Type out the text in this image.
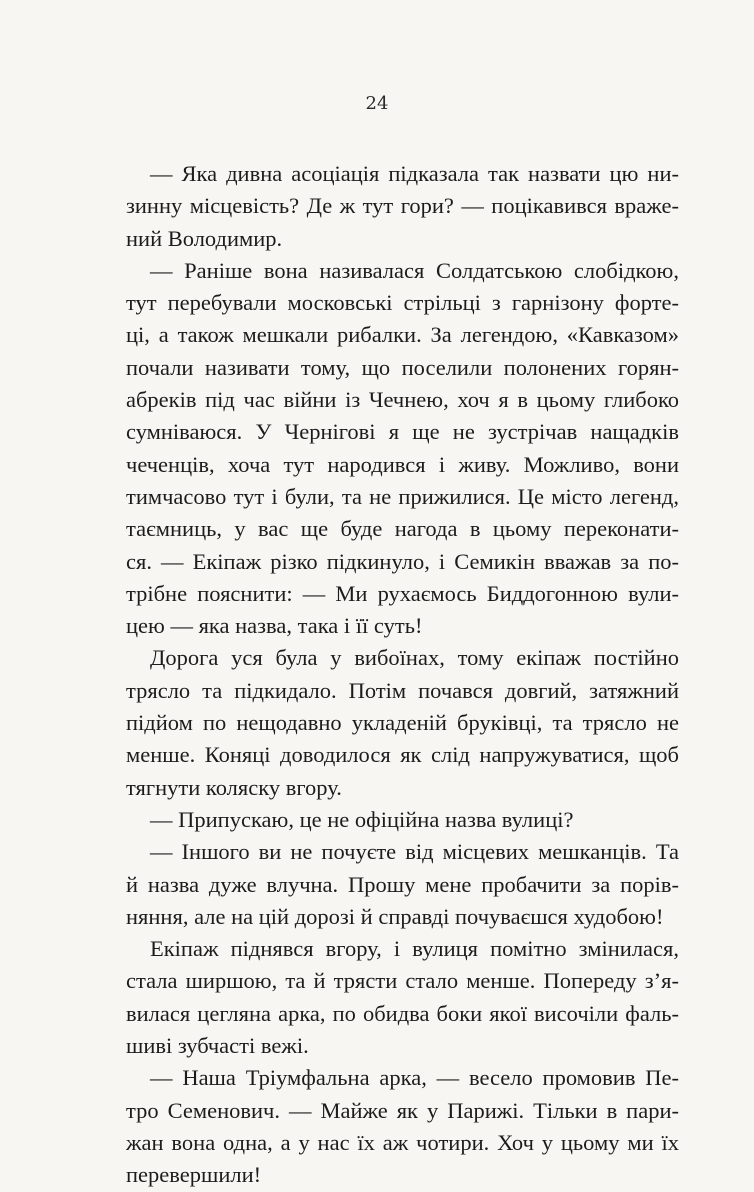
24
— Яка дивна асоціація підказала так назвати цю ни-
зинну місцевість? Де ж тут гори? — поцікавився враже-
ний Володимир.
— Раніше вона називалася Солдатською слобідкою,
тут перебували московські стрільці з гарнізону форте-
ці, а також мешкали рибалки. За легендою, «Кавказом»
почали називати тому, що поселили полонених горян-
абреків під час війни із Чечнею, хоч я в цьому глибоко
сумніваюся. У Чернігові я ще не зустрічав нащадків
чеченців, хоча тут народився і живу. Можливо, вони
тимчасово тут і були, та не прижилися. Це місто легенд,
таємниць, у вас ще буде нагода в цьому переконати-
ся. — Екіпаж різко підкинуло, і Семикін вважав за по-
трібне пояснити: — Ми рухаємось Биддогонною вули-
цею — яка назва, така і її суть!
Дорога уся була у вибоїнах, тому екіпаж постійно
трясло та підкидало. Потім почався довгий, затяжний
підйом по нещодавно укладеній бруківці, та трясло не
менше. Коняці доводилося як слід напружуватися, щоб
тягнути коляску вгору.
— Припускаю, це не офіційна назва вулиці?
— Іншого ви не почуєте від місцевих мешканців. Та
й назва дуже влучна. Прошу мене пробачити за порів-
няння, але на цій дорозі й справді почуваєшся худобою!
Екіпаж піднявся вгору, і вулиця помітно змінилася,
стала ширшою, та й трясти стало менше. Попереду з’я-
вилася цегляна арка, по обидва боки якої височіли фаль-
шиві зубчасті вежі.
— Наша Тріумфальна арка, — весело промовив Пе-
тро Семенович. — Майже як у Парижі. Тільки в пари-
жан вона одна, а у нас їх аж чотири. Хоч у цьому ми їх
перевершили!
